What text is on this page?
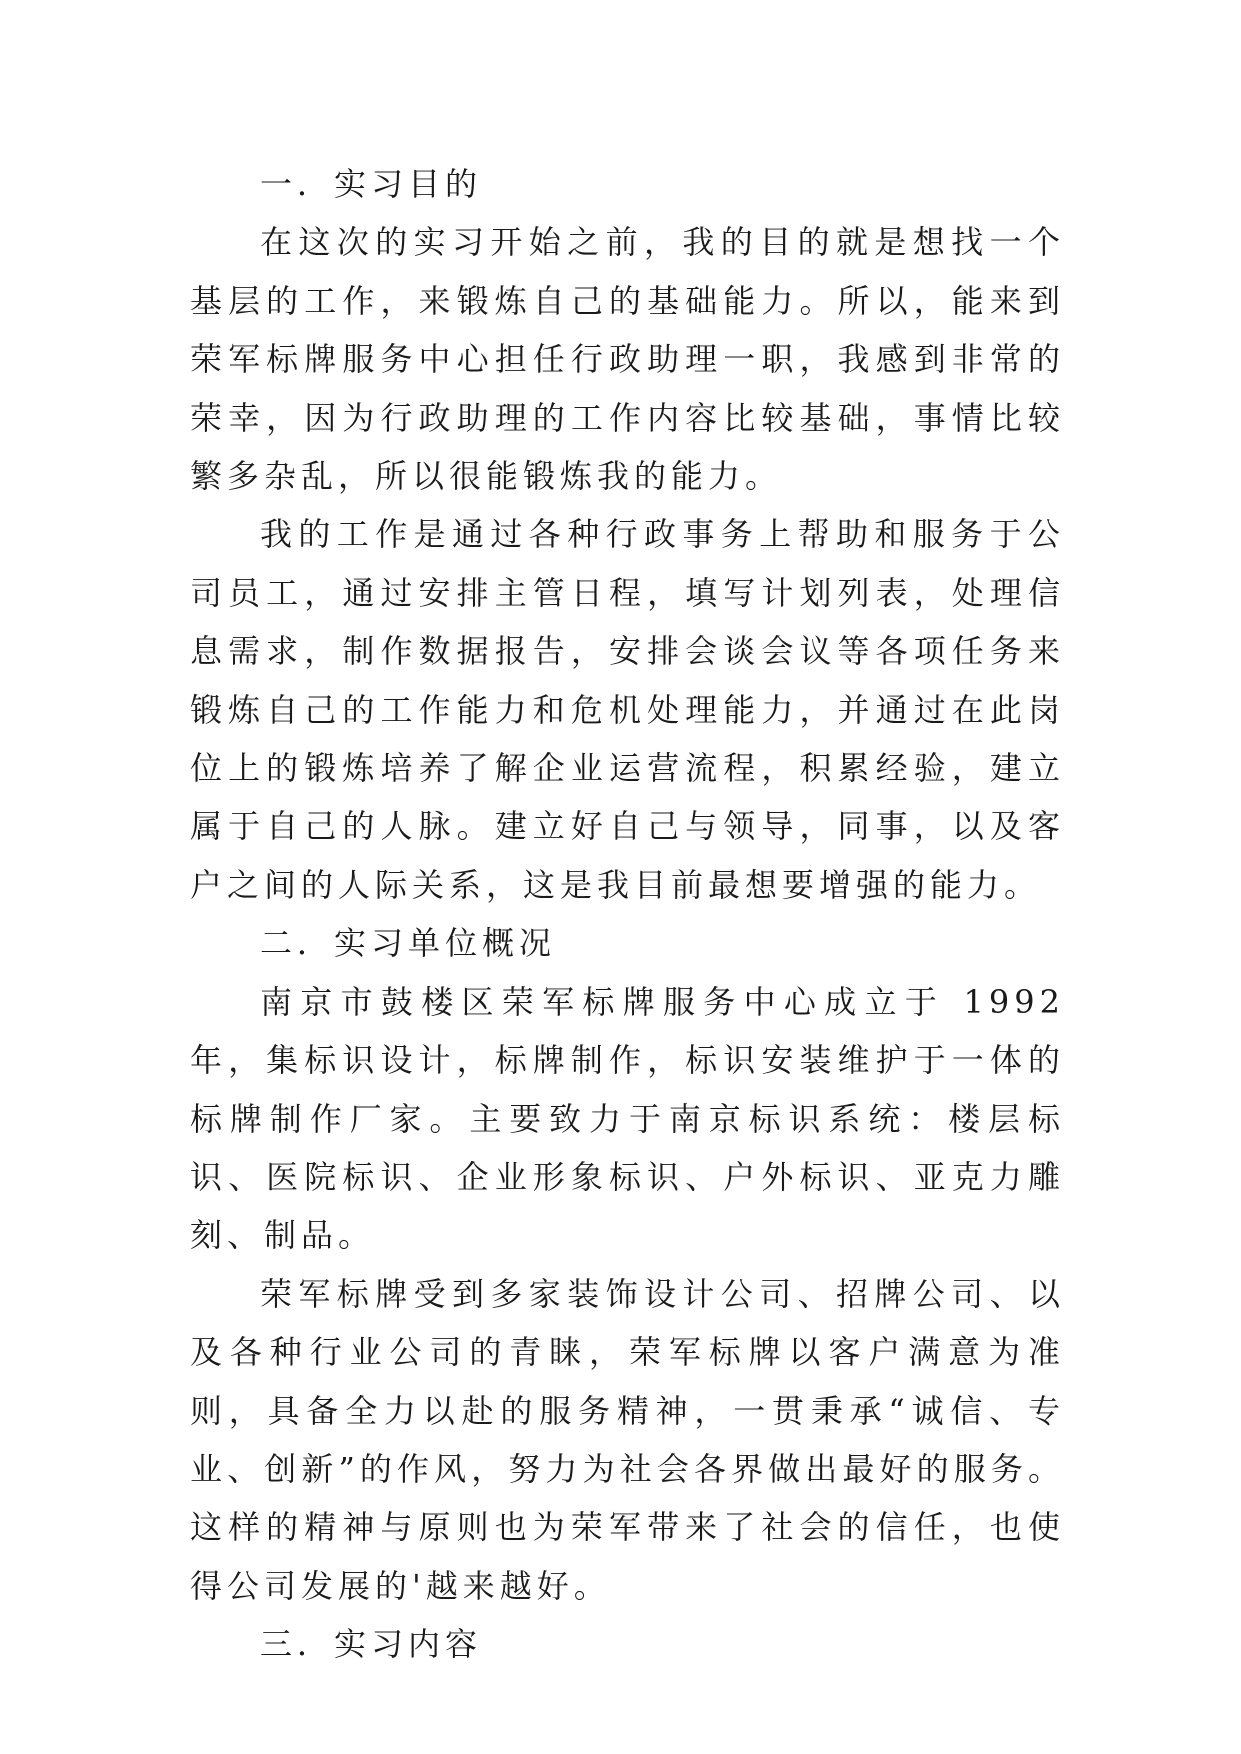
一．实习目的

在这次的实习开始之前，我的目的就是想找一个基层的工作，来锻炼自己的基础能力。所以，能来到荣军标牌服务中心担任行政助理一职，我感到非常的荣幸，因为行政助理的工作内容比较基础，事情比较繁多杂乱，所以很能锻炼我的能力。

我的工作是通过各种行政事务上帮助和服务于公司员工，通过安排主管日程，填写计划列表，处理信息需求，制作数据报告，安排会谈会议等各项任务来锻炼自己的工作能力和危机处理能力，并通过在此岗位上的锻炼培养了解企业运营流程，积累经验，建立属于自己的人脉。建立好自己与领导，同事，以及客户之间的人际关系，这是我目前最想要增强的能力。

二．实习单位概况

南京市鼓楼区荣军标牌服务中心成立于 1992 年，集标识设计，标牌制作，标识安装维护于一体的标牌制作厂家。主要致力于南京标识系统：楼层标识、医院标识、企业形象标识、户外标识、亚克力雕刻、制品。

荣军标牌受到多家装饰设计公司、招牌公司、以及各种行业公司的青睐，荣军标牌以客户满意为准则，具备全力以赴的服务精神，一贯秉承“诚信、专业、创新”的作风，努力为社会各界做出最好的服务。这样的精神与原则也为荣军带来了社会的信任，也使得公司发展的'越来越好。

三．实习内容
